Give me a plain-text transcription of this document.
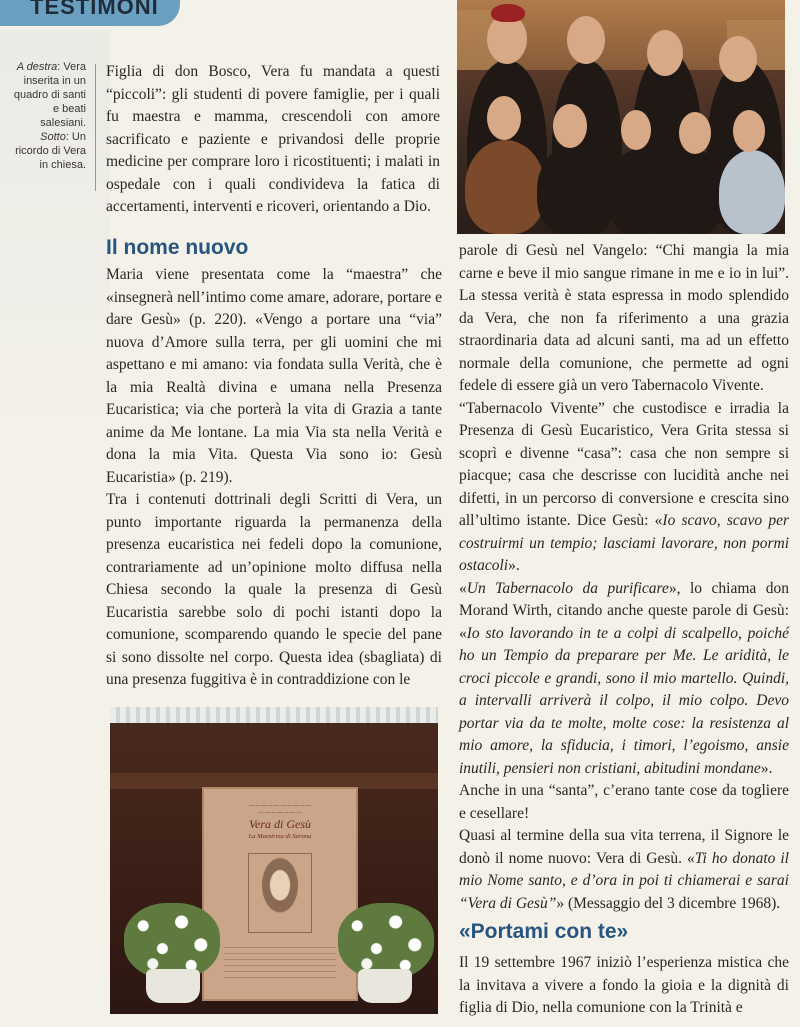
TESTIMONI
A destra: Vera inserita in un quadro di santi e beati salesiani.
Sotto: Un ricordo di Vera in chiesa.

Figlia di don Bosco, Vera fu mandata a questi “piccoli”: gli studenti di povere famiglie, per i quali fu maestra e mamma, crescendoli con amore sacrificato e paziente e privandosi delle proprie medicine per comprare loro i ricostituenti; i malati in ospedale con i quali condivideva la fatica di accertamenti, interventi e ricoveri, orientando a Dio.

Il nome nuovo

Maria viene presentata come la “maestra” che «insegnerà nell’intimo come amare, adorare, portare e dare Gesù» (p. 220). «Vengo a portare una “via” nuova d’Amore sulla terra, per gli uomini che mi aspettano e mi amano: via fondata sulla Verità, che è la mia Realtà divina e umana nella Presenza Eucaristica; via che porterà la vita di Grazia a tante anime da Me lontane. La mia Via sta nella Verità e dona la mia Vita. Questa Via sono io: Gesù Eucaristia» (p. 219).

Tra i contenuti dottrinali degli Scritti di Vera, un punto importante riguarda la permanenza della presenza eucaristica nei fedeli dopo la comunione, contrariamente ad un’opinione molto diffusa nella Chiesa secondo la quale la presenza di Gesù Eucaristia sarebbe solo di pochi istanti dopo la comunione, scomparendo quando le specie del pane si sono dissolte nel corpo. Questa idea (sbagliata) di una presenza fuggitiva è in contraddizione con le

parole di Gesù nel Vangelo: “Chi mangia la mia carne e beve il mio sangue rimane in me e io in lui”. La stessa verità è stata espressa in modo splendido da Vera, che non fa riferimento a una grazia straordinaria data ad alcuni santi, ma ad un effetto normale della comunione, che permette ad ogni fedele di essere già un vero Tabernacolo Vivente.

“Tabernacolo Vivente” che custodisce e irradia la Presenza di Gesù Eucaristico, Vera Grita stessa si scoprì e divenne “casa”: casa che non sempre si piacque; casa che descrisse con lucidità anche nei difetti, in un percorso di conversione e crescita sino all’ultimo istante. Dice Gesù: «Io scavo, scavo per costruirmi un tempio; lasciami lavorare, non pormi ostacoli».

«Un Tabernacolo da purificare», lo chiama don Morand Wirth, citando anche queste parole di Gesù: «Io sto lavorando in te a colpi di scalpello, poiché ho un Tempio da preparare per Me. Le aridità, le croci piccole e grandi, sono il mio martello. Quindi, a intervalli arriverà il colpo, il mio colpo. Devo portar via da te molte, molte cose: la resistenza al mio amore, la sfiducia, i timori, l’egoismo, ansie inutili, pensieri non cristiani, abitudini mondane».

Anche in una “santa”, c’erano tante cose da togliere e cesellare!

Quasi al termine della sua vita terrena, il Signore le donò il nome nuovo: Vera di Gesù. «Ti ho donato il mio Nome santo, e d’ora in poi ti chiamerai e sarai “Vera di Gesù”» (Messaggio del 3 dicembre 1968).

«Portami con te»

Il 19 settembre 1967 iniziò l’esperienza mistica che la invitava a vivere a fondo la gioia e la dignità di figlia di Dio, nella comunione con la Trinità e

— — — — — — — — — —
— — — — — — —
Vera di Gesù
La Maestrina di Savona
